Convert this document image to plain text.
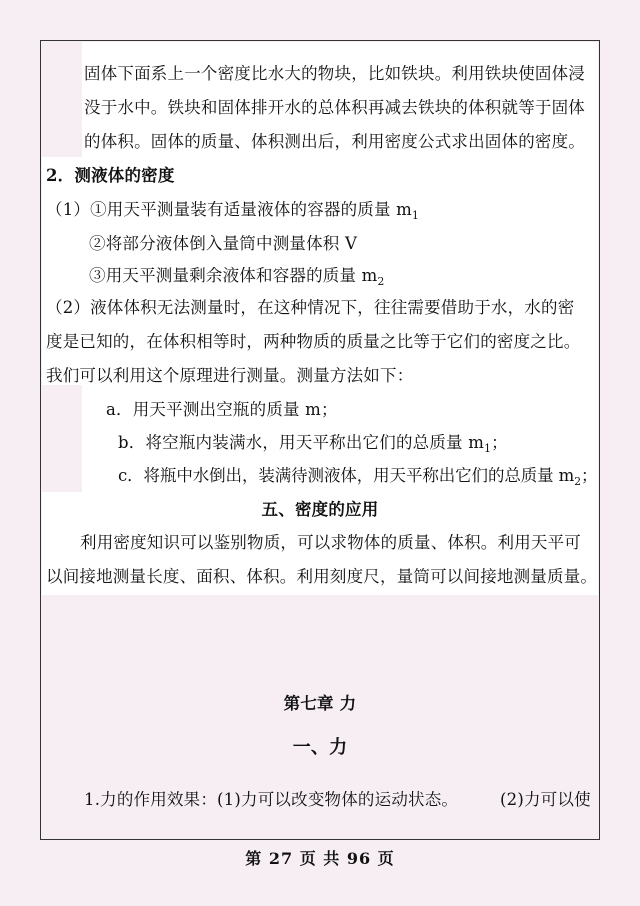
固体下面系上一个密度比水大的物块，比如铁块。利用铁块使固体浸
没于水中。铁块和固体排开水的总体积再减去铁块的体积就等于固体
的体积。固体的质量、体积测出后，利用密度公式求出固体的密度。
2．测液体的密度
（1）①用天平测量装有适量液体的容器的质量 $m_1$
②将部分液体倒入量筒中测量体积 V
③用天平测量剩余液体和容器的质量 $m_2$
（2）液体体积无法测量时，在这种情况下，往往需要借助于水，水的密
度是已知的，在体积相等时，两种物质的质量之比等于它们的密度之比。
我们可以利用这个原理进行测量。测量方法如下：
a．用天平测出空瓶的质量 m；
b．将空瓶内装满水，用天平称出它们的总质量 $m_1$；
c．将瓶中水倒出，装满待测液体，用天平称出它们的总质量 $m_2$；
五、密度的应用
利用密度知识可以鉴别物质，可以求物体的质量、体积。利用天平可
以间接地测量长度、面积、体积。利用刻度尺，量筒可以间接地测量质量。
第七章 力
一、力
1.力的作用效果：(1)力可以改变物体的运动状态。	(2)力可以使
第 27 页 共 96 页
